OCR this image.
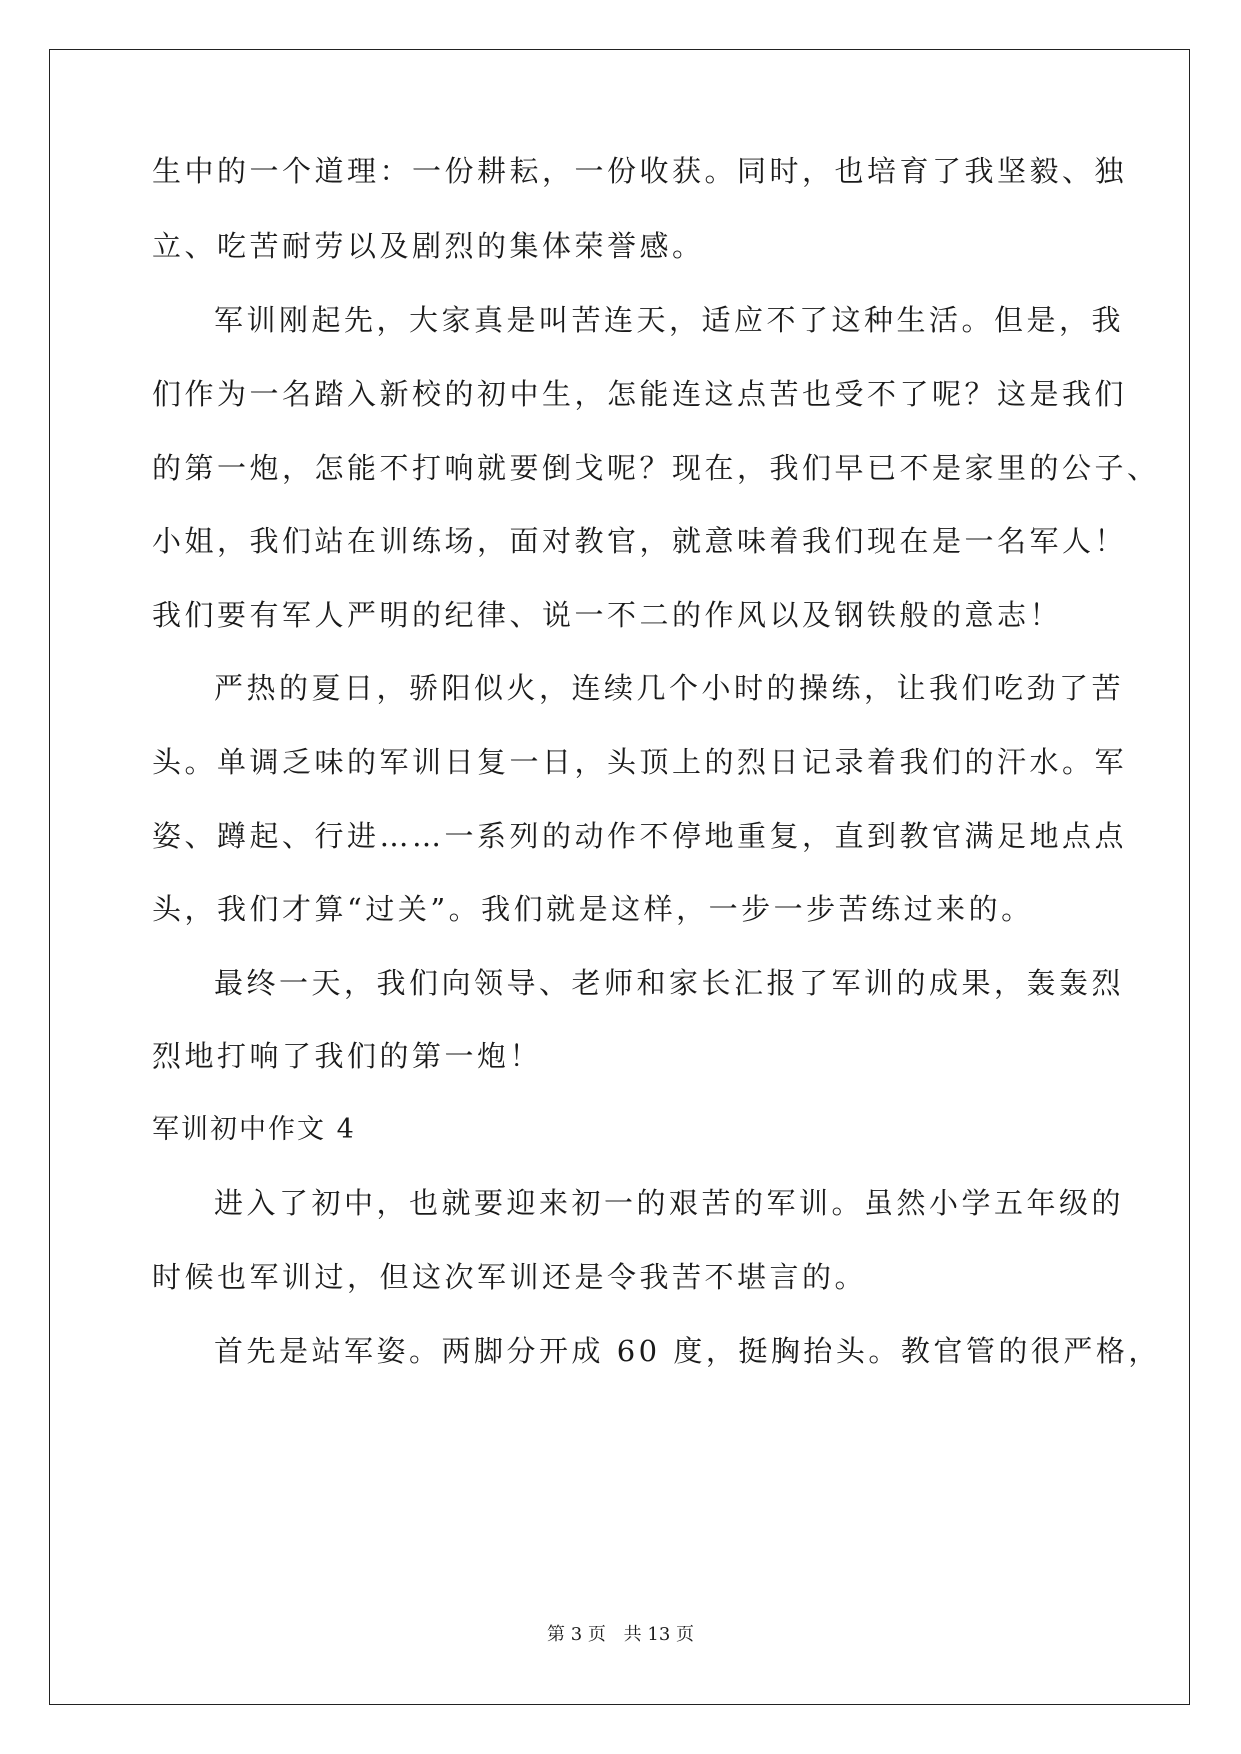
生中的一个道理：一份耕耘，一份收获。同时，也培育了我坚毅、独
立、吃苦耐劳以及剧烈的集体荣誉感。
军训刚起先，大家真是叫苦连天，适应不了这种生活。但是，我
们作为一名踏入新校的初中生，怎能连这点苦也受不了呢？这是我们
的第一炮，怎能不打响就要倒戈呢？现在，我们早已不是家里的公子、
小姐，我们站在训练场，面对教官，就意味着我们现在是一名军人！
我们要有军人严明的纪律、说一不二的作风以及钢铁般的意志！
严热的夏日，骄阳似火，连续几个小时的操练，让我们吃劲了苦
头。单调乏味的军训日复一日，头顶上的烈日记录着我们的汗水。军
姿、蹲起、行进……一系列的动作不停地重复，直到教官满足地点点
头，我们才算“过关”。我们就是这样，一步一步苦练过来的。
最终一天，我们向领导、老师和家长汇报了军训的成果，轰轰烈
烈地打响了我们的第一炮！
军训初中作文 4
进入了初中，也就要迎来初一的艰苦的军训。虽然小学五年级的
时候也军训过，但这次军训还是令我苦不堪言的。
首先是站军姿。两脚分开成 60 度，挺胸抬头。教官管的很严格，
第 3 页 共 13 页
